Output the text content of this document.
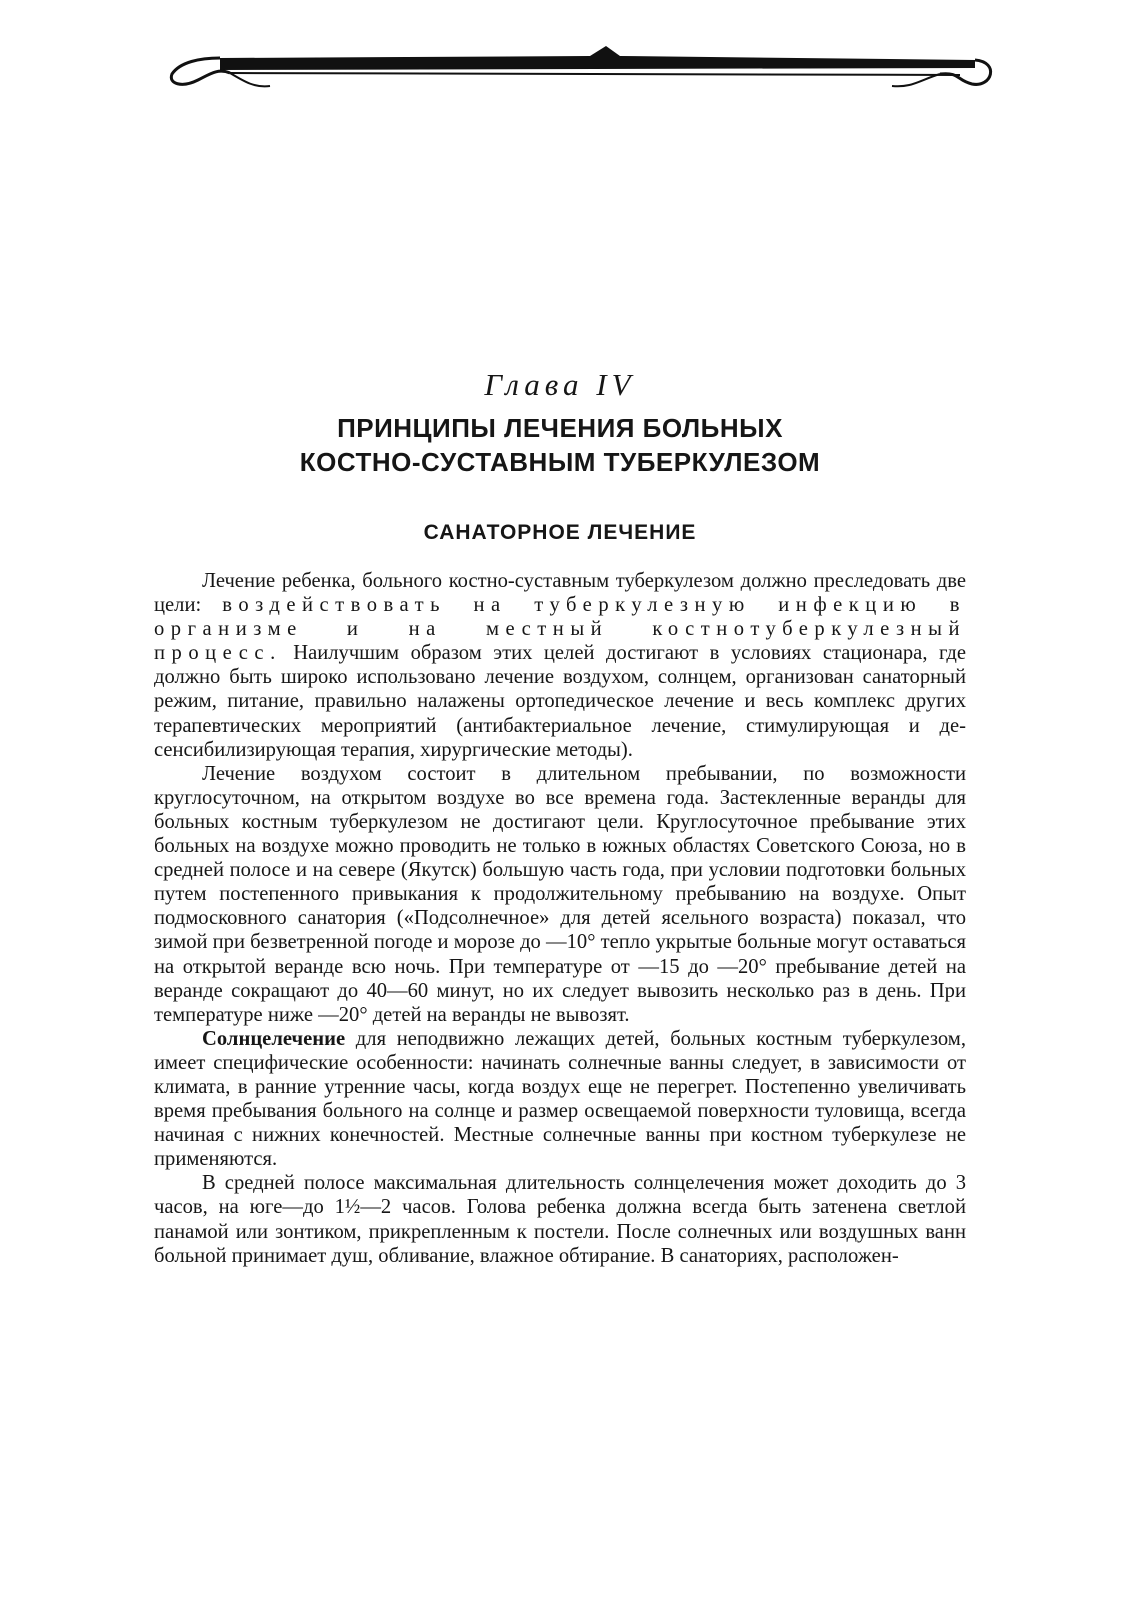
Глава IV
ПРИНЦИПЫ ЛЕЧЕНИЯ БОЛЬНЫХ
КОСТНО-СУСТАВНЫМ ТУБЕРКУЛЕЗОМ
САНАТОРНОЕ ЛЕЧЕНИЕ

Лечение ребенка, больного костно-суставным туберкулезом должно преследовать две цели: воздействовать на туберкулезную инфекцию в организме и на местный костнотуберкулезный процесс. Наилучшим образом этих целей достигают в условиях стационара, где должно быть широко использовано лечение воздухом, солнцем, организован санаторный режим, питание, правильно налажены ортопедическое лечение и весь комплекс других терапевтических мероприятий (антибактериальное лечение, стимулирующая и десенсибилизирующая терапия, хирургические методы).

Лечение воздухом состоит в длительном пребывании, по возможности круглосуточном, на открытом воздухе во все времена года. Застекленные веранды для больных костным туберкулезом не достигают цели. Круглосуточное пребывание этих больных на воздухе можно проводить не только в южных областях Советского Союза, но в средней полосе и на севере (Якутск) большую часть года, при условии подготовки больных путем постепенного привыкания к продолжительному пребыванию на воздухе. Опыт подмосковного санатория («Подсолнечное» для детей ясельного возраста) показал, что зимой при безветренной погоде и морозе до —10° тепло укрытые больные могут оставаться на открытой веранде всю ночь. При температуре от —15 до —20° пребывание детей на веранде сокращают до 40—60 минут, но их следует вывозить несколько раз в день. При температуре ниже —20° детей на веранды не вывозят.

Солнцелечение для неподвижно лежащих детей, больных костным туберкулезом, имеет специфические особенности: начинать солнечные ванны следует, в зависимости от климата, в ранние утренние часы, когда воздух еще не перегрет. Постепенно увеличивать время пребывания больного на солнце и размер освещаемой поверхности туловища, всегда начиная с нижних конечностей. Местные солнечные ванны при костном туберкулезе не применяются.

В средней полосе максимальная длительность солнцелечения может доходить до 3 часов, на юге—до 1½—2 часов. Голова ребенка должна всегда быть затенена светлой панамой или зонтиком, прикрепленным к постели. После солнечных или воздушных ванн больной принимает душ, обливание, влажное обтирание. В санаториях, расположен-
